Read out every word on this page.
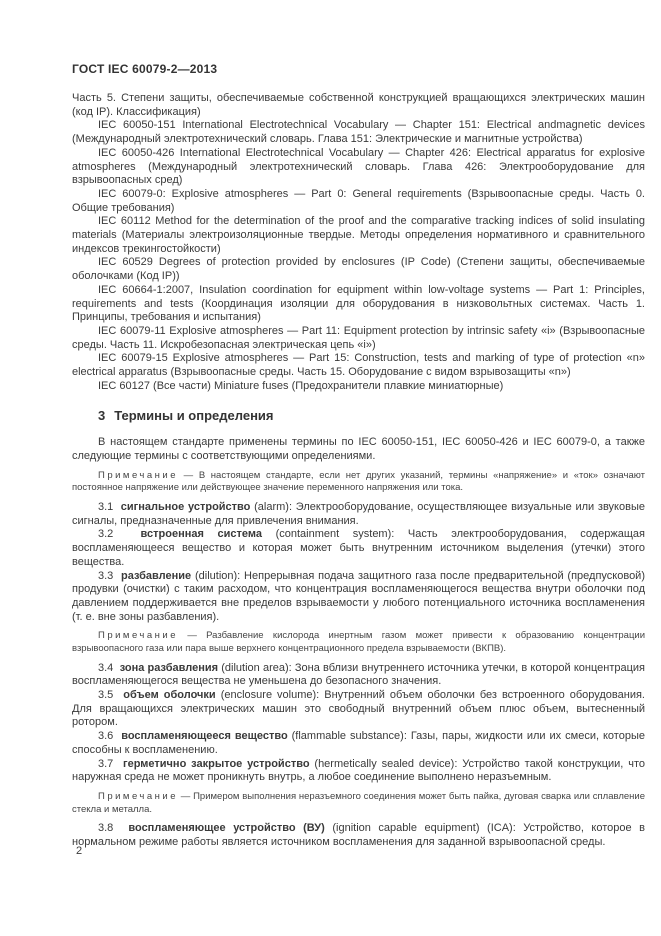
ГОСТ IEC 60079-2—2013

Часть 5. Степени защиты, обеспечиваемые собственной конструкцией вращающихся электрических машин (код IP). Классификация)

IEC 60050-151 International Electrotechnical Vocabulary — Chapter 151: Electrical andmagnetic devices (Международный электротехнический словарь. Глава 151: Электрические и магнитные устройства)

IEC 60050-426 International Electrotechnical Vocabulary — Chapter 426: Electrical apparatus for explosive atmospheres (Международный электротехнический словарь. Глава 426: Электрооборудование для взрывоопасных сред)

IEC 60079-0: Explosive atmospheres — Part 0: General requirements (Взрывоопасные среды. Часть 0. Общие требования)

IEC 60112 Method for the determination of the proof and the comparative tracking indices of solid insulating materials (Материалы электроизоляционные твердые. Методы определения нормативного и сравнительного индексов трекингостойкости)

IEC 60529 Degrees of protection provided by enclosures (IP Code) (Степени защиты, обеспечиваемые оболочками (Код IP))

IEC 60664-1:2007, Insulation coordination for equipment within low-voltage systems — Part 1: Principles, requirements and tests (Координация изоляции для оборудования в низковольтных системах. Часть 1. Принципы, требования и испытания)

IEC 60079-11 Explosive atmospheres — Part 11: Equipment protection by intrinsic safety «i» (Взрывоопасные среды. Часть 11. Искробезопасная электрическая цепь «i»)

IEC 60079-15 Explosive atmospheres — Part 15: Construction, tests and marking of type of protection «n» electrical apparatus (Взрывоопасные среды. Часть 15. Оборудование с видом взрывозащиты «n»)

IEC 60127 (Все части) Miniature fuses (Предохранители плавкие миниатюрные)

3 Термины и определения

В настоящем стандарте применены термины по IEC 60050-151, IEC 60050-426 и IEC 60079-0, а также следующие термины с соответствующими определениями.

Примечание — В настоящем стандарте, если нет других указаний, термины «напряжение» и «ток» означают постоянное напряжение или действующее значение переменного напряжения или тока.

3.1 сигнальное устройство (alarm): Электрооборудование, осуществляющее визуальные или звуковые сигналы, предназначенные для привлечения внимания.

3.2 встроенная система (containment system): Часть электрооборудования, содержащая воспламеняющееся вещество и которая может быть внутренним источником выделения (утечки) этого вещества.

3.3 разбавление (dilution): Непрерывная подача защитного газа после предварительной (предпусковой) продувки (очистки) с таким расходом, что концентрация воспламеняющегося вещества внутри оболочки под давлением поддерживается вне пределов взрываемости у любого потенциального источника воспламенения (т. е. вне зоны разбавления).

Примечание — Разбавление кислорода инертным газом может привести к образованию концентрации взрывоопасного газа или пара выше верхнего концентрационного предела взрываемости (ВКПВ).

3.4 зона разбавления (dilution area): Зона вблизи внутреннего источника утечки, в которой концентрация воспламеняющегося вещества не уменьшена до безопасного значения.

3.5 объем оболочки (enclosure volume): Внутренний объем оболочки без встроенного оборудования. Для вращающихся электрических машин это свободный внутренний объем плюс объем, вытесненный ротором.

3.6 воспламеняющееся вещество (flammable substance): Газы, пары, жидкости или их смеси, которые способны к воспламенению.

3.7 герметично закрытое устройство (hermetically sealed device): Устройство такой конструкции, что наружная среда не может проникнуть внутрь, а любое соединение выполнено неразъемным.

Примечание — Примером выполнения неразъемного соединения может быть пайка, дуговая сварка или сплавление стекла и металла.

3.8 воспламеняющее устройство (ВУ) (ignition capable equipment) (ICA): Устройство, которое в нормальном режиме работы является источником воспламенения для заданной взрывоопасной среды.

2
